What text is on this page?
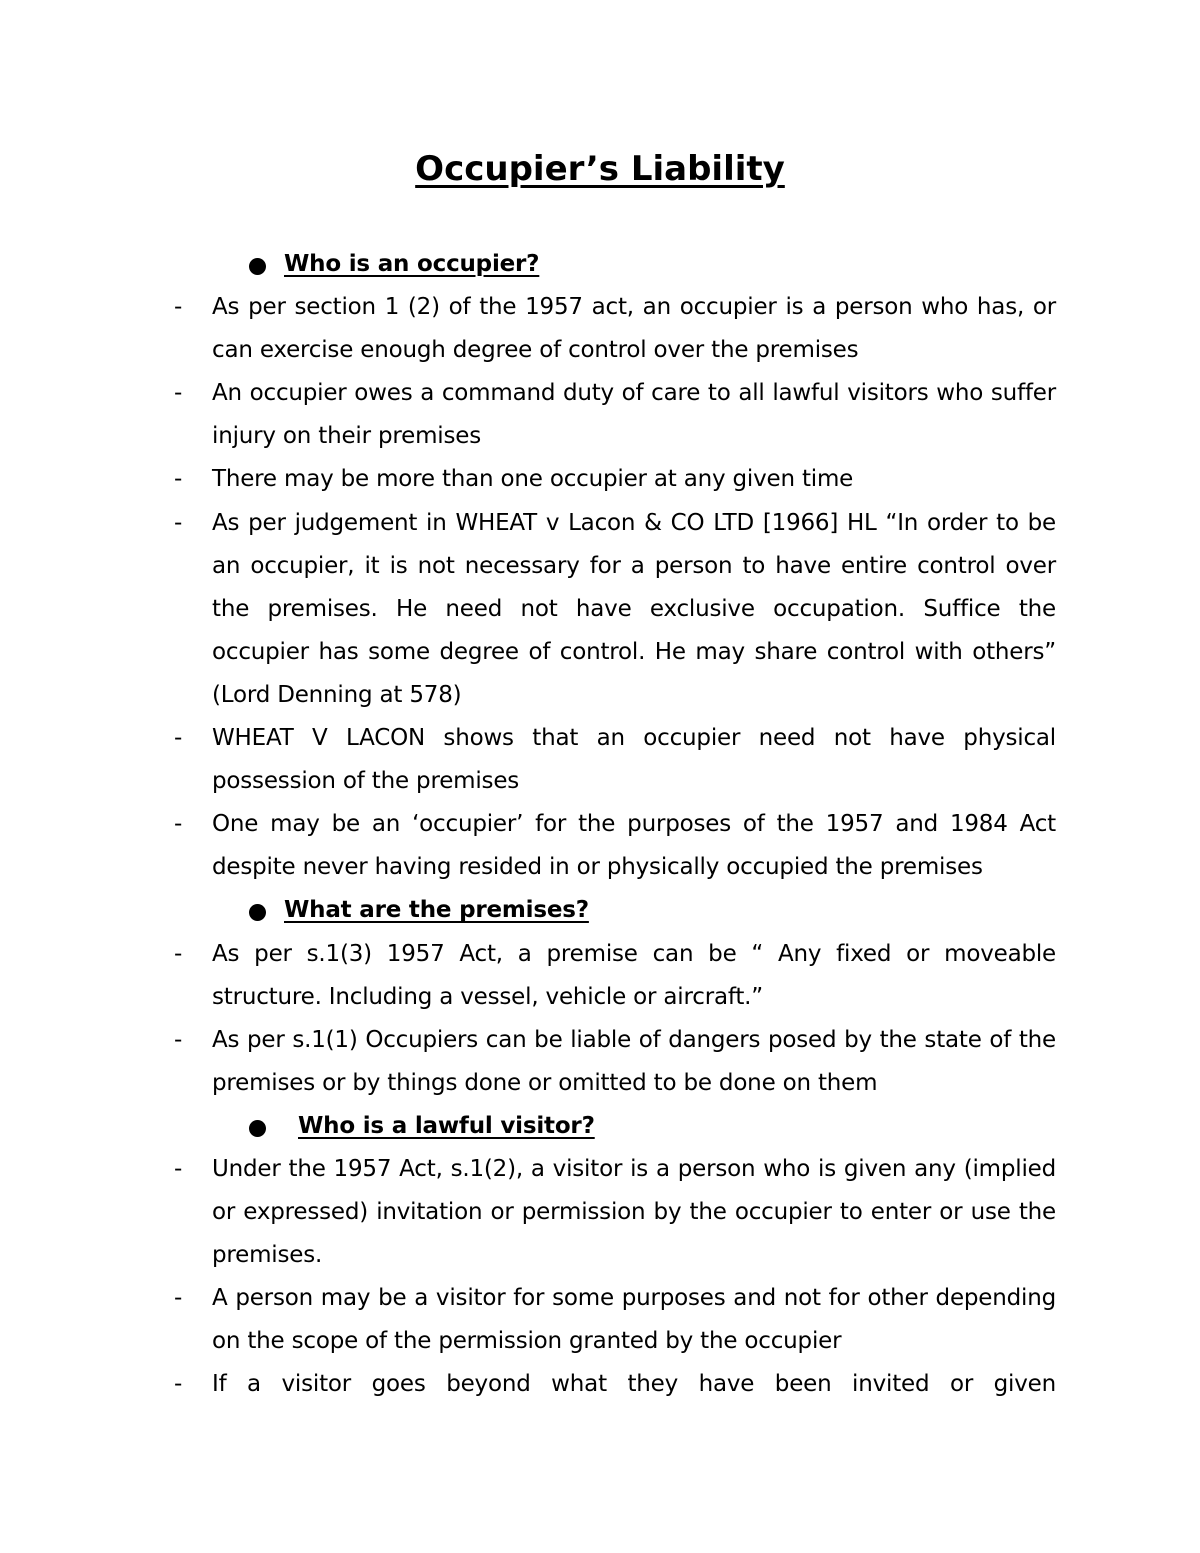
Occupier’s Liability
Who is an occupier?
- As per section 1 (2) of the 1957 act, an occupier is a person who has, or can exercise enough degree of control over the premises
- An occupier owes a command duty of care to all lawful visitors who suffer injury on their premises
- There may be more than one occupier at any given time
- As per judgement in WHEAT v Lacon & CO LTD [1966] HL “In order to be an occupier, it is not necessary for a person to have entire control over the premises. He need not have exclusive occupation. Suffice the occupier has some degree of control. He may share control with others” (Lord Denning at 578)
- WHEAT V LACON shows that an occupier need not have physical possession of the premises
- One may be an ‘occupier’ for the purposes of the 1957 and 1984 Act despite never having resided in or physically occupied the premises
What are the premises?
- As per s.1(3) 1957 Act, a premise can be “ Any fixed or moveable structure. Including a vessel, vehicle or aircraft.”
- As per s.1(1) Occupiers can be liable of dangers posed by the state of the premises or by things done or omitted to be done on them
Who is a lawful visitor?
- Under the 1957 Act, s.1(2), a visitor is a person who is given any (implied or expressed) invitation or permission by the occupier to enter or use the premises.
- A person may be a visitor for some purposes and not for other depending on the scope of the permission granted by the occupier
- If a visitor goes beyond what they have been invited or given
